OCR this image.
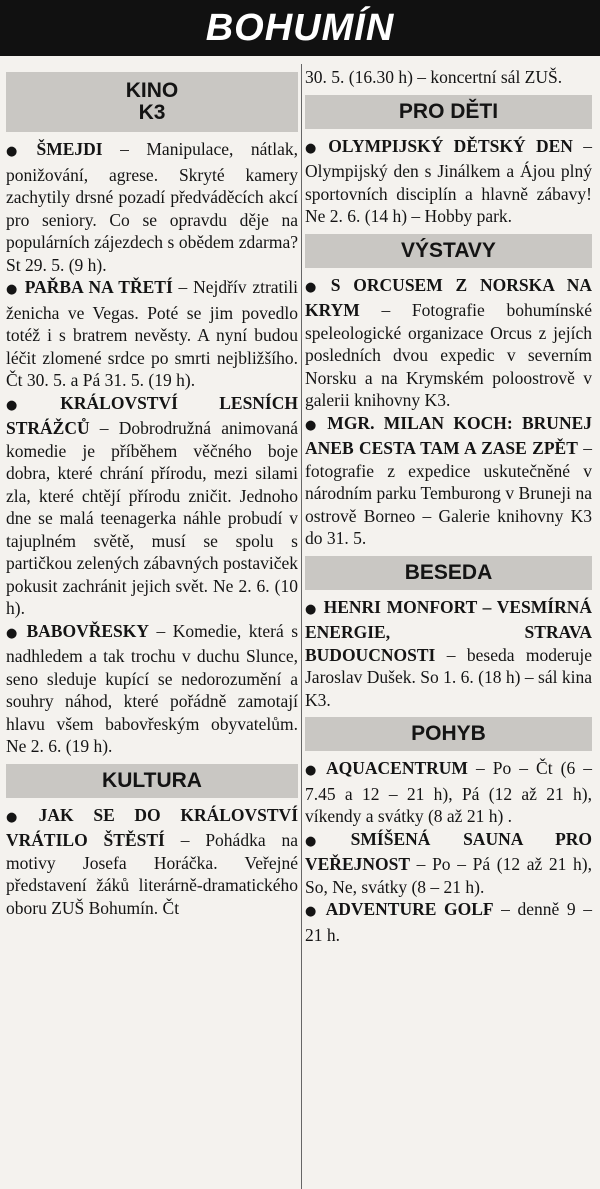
BOHUMÍN
KINO
K3

● ŠMEJDI – Manipulace, nátlak, ponižování, agrese. Skryté kamery zachytily drsné pozadí předváděcích akcí pro seniory. Co se opravdu děje na populárních zájezdech s obědem zdarma? St 29. 5. (9 h).

● PAŘBA NA TŘETÍ – Nejdřív ztratili ženicha ve Vegas. Poté se jim povedlo totéž i s bratrem nevěsty. A nyní budou léčit zlomené srdce po smrti nejbližšího. Čt 30. 5. a Pá 31. 5. (19 h).

● KRÁLOVSTVÍ LESNÍCH STRÁŽCŮ – Dobrodružná animovaná komedie je příběhem věčného boje dobra, které chrání přírodu, mezi silami zla, které chtějí přírodu zničit. Jednoho dne se malá teenagerka náhle probudí v tajuplném světě, musí se spolu s partičkou zelených zábavných postaviček pokusit zachránit jejich svět. Ne 2. 6. (10 h).

● BABOVŘESKY – Komedie, která s nadhledem a tak trochu v duchu Slunce, seno sleduje kupící se nedorozumění a souhry náhod, které pořádně zamotají hlavu všem babovřeským obyvatelům. Ne 2. 6. (19 h).

KULTURA

● JAK SE DO KRÁLOVSTVÍ VRÁTILO ŠTĚSTÍ – Pohádka na motivy Josefa Horáčka. Veřejné představení žáků literárně-dramatického oboru ZUŠ Bohumín. Čt

30. 5. (16.30 h) – koncertní sál ZUŠ.

PRO DĚTI

● OLYMPIJSKÝ DĚTSKÝ DEN – Olympijský den s Jinálkem a Ájou plný sportovních disciplín a hlavně zábavy! Ne 2. 6. (14 h) – Hobby park.

VÝSTAVY

● S ORCUSEM Z NORSKA NA KRYM – Fotografie bohumínské speleologické organizace Orcus z jejích posledních dvou expedic v severním Norsku a na Krymském poloostrově v galerii knihovny K3.

● MGR. MILAN KOCH: BRUNEJ ANEB CESTA TAM A ZASE ZPĚT – fotografie z expedice uskutečněné v národním parku Temburong v Bruneji na ostrově Borneo – Galerie knihovny K3 do 31. 5.

BESEDA

● HENRI MONFORT – VESMÍRNÁ ENERGIE, STRAVA BUDOUCNOSTI – beseda moderuje Jaroslav Dušek. So 1. 6. (18 h) – sál kina K3.

POHYB

● AQUACENTRUM – Po – Čt (6 – 7.45 a 12 – 21 h), Pá (12 až 21 h), víkendy a svátky (8 až 21 h) .

● SMÍŠENÁ SAUNA PRO VEŘEJNOST – Po – Pá (12 až 21 h), So, Ne, svátky (8 – 21 h).

● ADVENTURE GOLF – denně 9 – 21 h.
